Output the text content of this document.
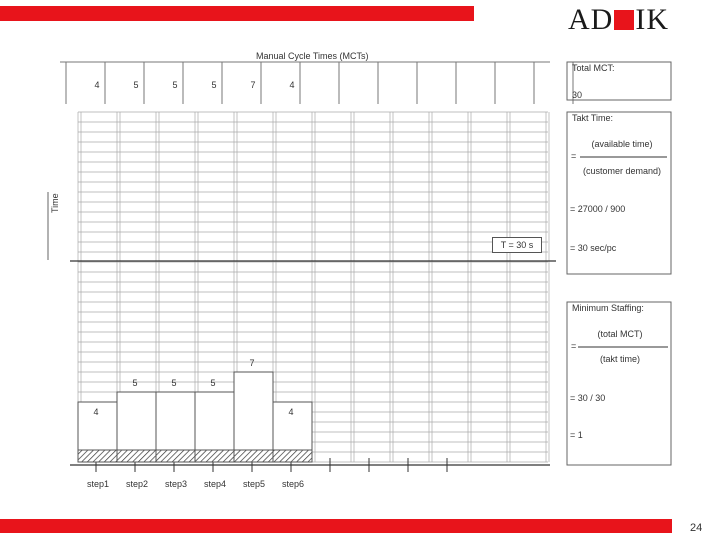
AD IK
Manual Cycle Times (MCTs)
4	5	5	5	7	4
4
5	5	5
7
4
step1	step2	step3	step4	step5	step6
Time
T = 30 s
Total MCT:
30
Takt Time:
(available time)
=
(customer demand)
= 27000 / 900
= 30 sec/pc
Minimum Staffing:
(total MCT)
=
(takt time)
= 30 / 30
= 1
24
